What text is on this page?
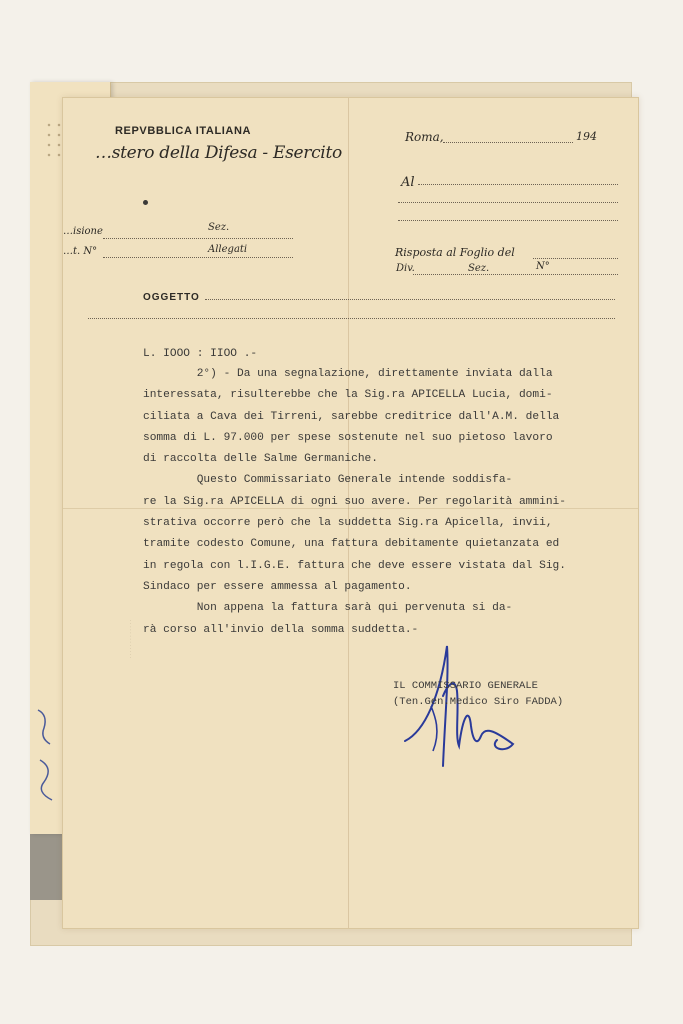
REPVBBLICA ITALIANA
…stero della Difesa - Esercito
…isione	Sez.
…t. N°	Allegati
OGGETTO
Roma,	194
Al
Risposta al Foglio del
Div.	Sez.	N°
L. IOOO : IIOO .-
2°) - Da una segnalazione, direttamente inviata dalla
interessata, risulterebbe che la Sig.ra APICELLA Lucia, domi-
ciliata a Cava dei Tirreni, sarebbe creditrice dall'A.M. della
somma di L. 97.000 per spese sostenute nel suo pietoso lavoro
di raccolta delle Salme Germaniche.
Questo Commissariato Generale intende soddisfa-
re la Sig.ra APICELLA di ogni suo avere. Per regolarità ammini-
strativa occorre però che la suddetta Sig.ra Apicella, invii,
tramite codesto Comune, una fattura debitamente quietanzata ed
in regola con l.I.G.E. fattura che deve essere vistata dal Sig.
Sindaco per essere ammessa al pagamento.
Non appena la fattura sarà qui pervenuta si da-
rà corso all'invio della somma suddetta.-
IL COMMISSARIO GENERALE
(Ten.Gen.Medico Siro FADDA)
· · · · · · · · · · · · ·
